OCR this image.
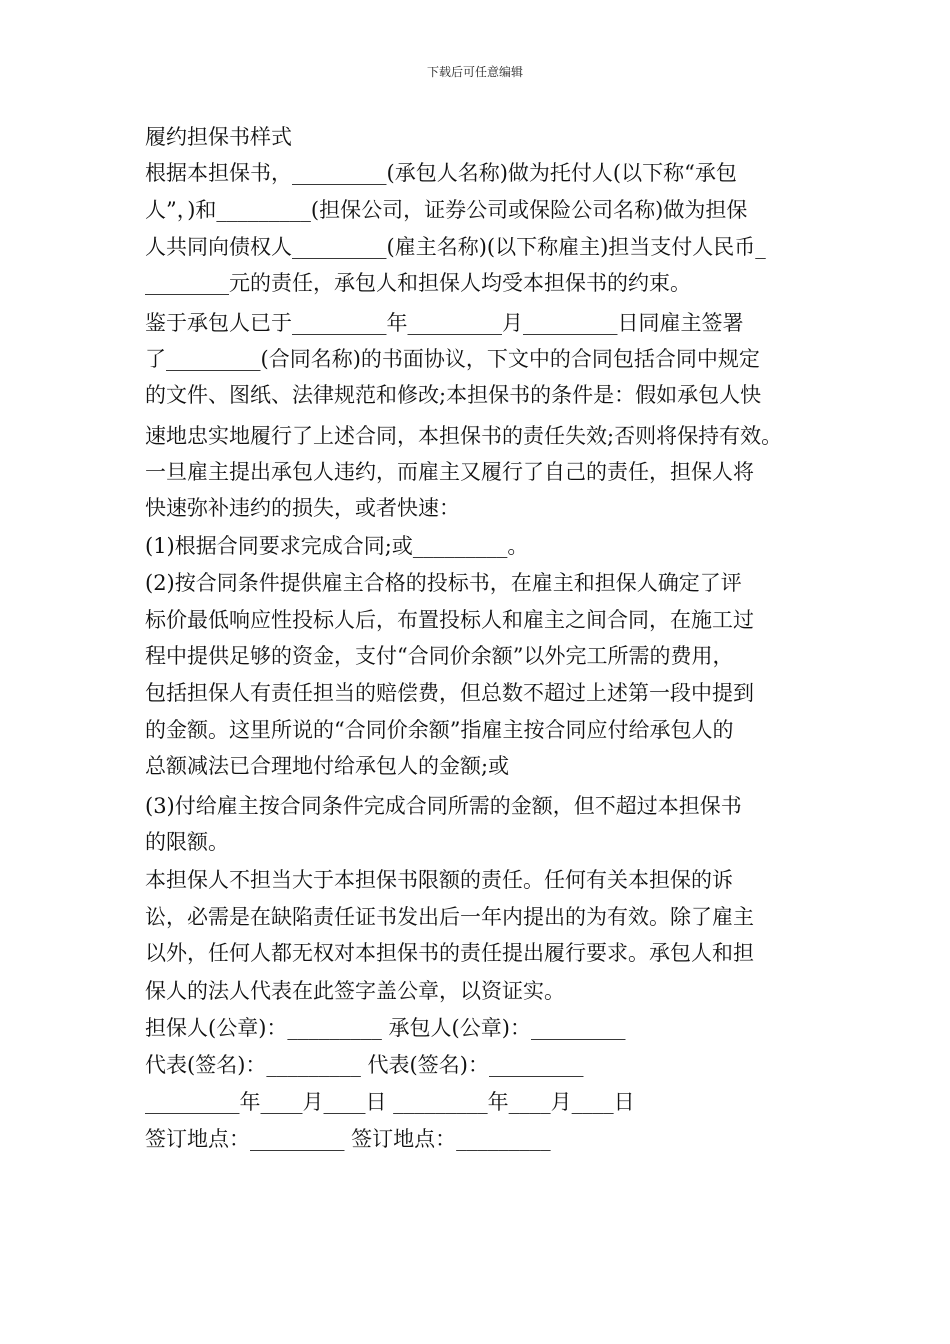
下载后可任意编辑
履约担保书样式
根据本担保书，_________(承包人名称)做为托付人(以下称“承包
人”，)和_________(担保公司，证券公司或保险公司名称)做为担保
人共同向债权人_________(雇主名称)(以下称雇主)担当支付人民币_
________元的责任，承包人和担保人均受本担保书的约束。
鉴于承包人已于_________年_________月_________日同雇主签署
了_________(合同名称)的书面协议，下文中的合同包括合同中规定
的文件、图纸、法律规范和修改;本担保书的条件是：假如承包人快
速地忠实地履行了上述合同，本担保书的责任失效;否则将保持有效。
一旦雇主提出承包人违约，而雇主又履行了自己的责任，担保人将
快速弥补违约的损失，或者快速：
(1)根据合同要求完成合同;或_________。
(2)按合同条件提供雇主合格的投标书，在雇主和担保人确定了评
标价最低响应性投标人后，布置投标人和雇主之间合同，在施工过
程中提供足够的资金，支付“合同价余额”以外完工所需的费用，
包括担保人有责任担当的赔偿费，但总数不超过上述第一段中提到
的金额。这里所说的“合同价余额”指雇主按合同应付给承包人的
总额减法已合理地付给承包人的金额;或
(3)付给雇主按合同条件完成合同所需的金额，但不超过本担保书
的限额。
本担保人不担当大于本担保书限额的责任。任何有关本担保的诉
讼，必需是在缺陷责任证书发出后一年内提出的为有效。除了雇主
以外，任何人都无权对本担保书的责任提出履行要求。承包人和担
保人的法人代表在此签字盖公章，以资证实。
担保人(公章)：_________ 承包人(公章)：_________
代表(签名)：_________ 代表(签名)：_________
_________年____月____日 _________年____月____日
签订地点：_________ 签订地点：_________
